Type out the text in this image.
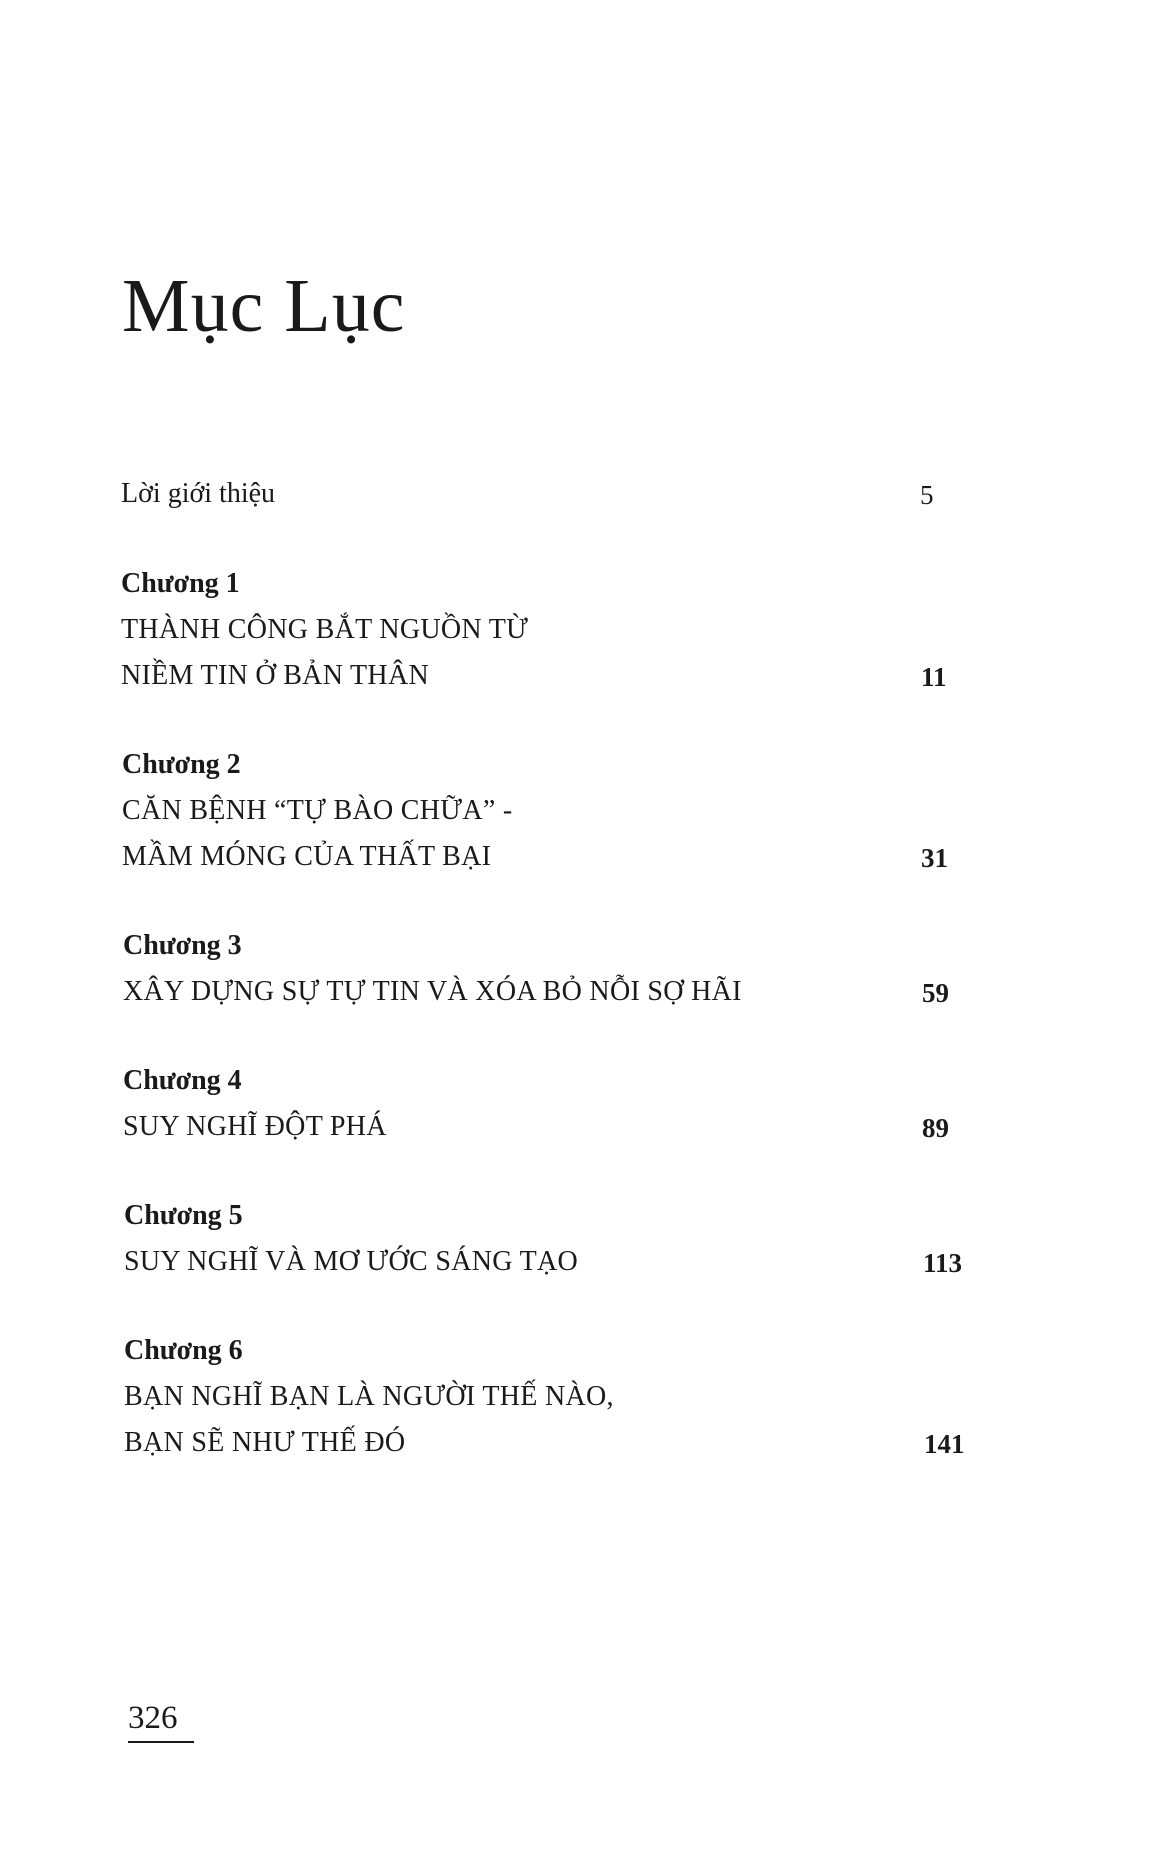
Mục Lục
Lời giới thiệu	5
Chương 1
THÀNH CÔNG BẮT NGUỒN TỪ
NIỀM TIN Ở BẢN THÂN	11
Chương 2
CĂN BỆNH “TỰ BÀO CHỮA” -
MẦM MÓNG CỦA THẤT BẠI	31
Chương 3
XÂY DỰNG SỰ TỰ TIN VÀ XÓA BỎ NỖI SỢ HÃI	59
Chương 4
SUY NGHĨ ĐỘT PHÁ	89
Chương 5
SUY NGHĨ VÀ MƠ ƯỚC SÁNG TẠO	113
Chương 6
BẠN NGHĨ BẠN LÀ NGƯỜI THẾ NÀO,
BẠN SẼ NHƯ THẾ ĐÓ	141
326
